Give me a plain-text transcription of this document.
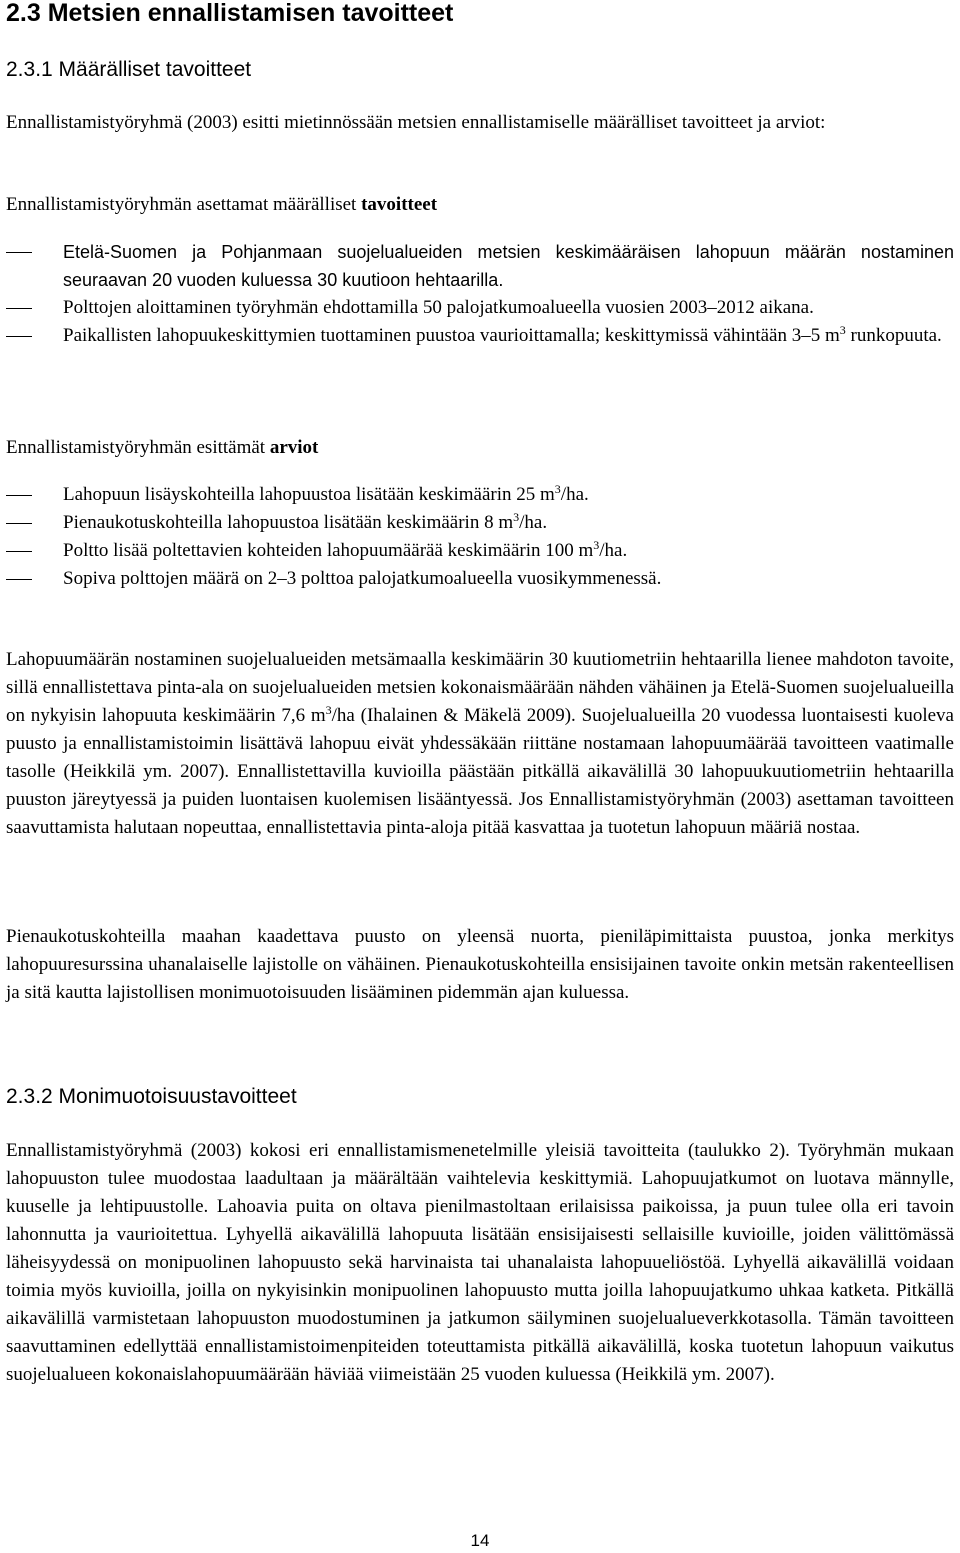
2.3 Metsien ennallistamisen tavoitteet
2.3.1 Määrälliset tavoitteet

Ennallistamistyöryhmä (2003) esitti mietinnössään metsien ennallistamiselle määrälliset tavoitteet ja arviot:

Ennallistamistyöryhmän asettamat määrälliset tavoitteet
Etelä-Suomen ja Pohjanmaan suojelualueiden metsien keskimääräisen lahopuun määrän nostaminen seuraavan 20 vuoden kuluessa 30 kuutioon hehtaarilla.
Polttojen aloittaminen työryhmän ehdottamilla 50 palojatkumoalueella vuosien 2003–2012 aikana.
Paikallisten lahopuukeskittymien tuottaminen puustoa vaurioittamalla; keskittymissä vähintään 3–5 $m^3$ runkopuuta.
Ennallistamistyöryhmän esittämät arviot
Lahopuun lisäyskohteilla lahopuustoa lisätään keskimäärin 25 $m^3/ha$.
Pienaukotuskohteilla lahopuustoa lisätään keskimäärin 8 $m^3/ha$.
Poltto lisää poltettavien kohteiden lahopuumäärää keskimäärin 100 $m^3/ha$.
Sopiva polttojen määrä on 2–3 polttoa palojatkumoalueella vuosikymmenessä.

Lahopuumäärän nostaminen suojelualueiden metsämaalla keskimäärin 30 kuutiometriin hehtaarilla lienee mahdoton tavoite, sillä ennallistettava pinta-ala on suojelualueiden metsien kokonaismäärään nähden vähäinen ja Etelä-Suomen suojelualueilla on nykyisin lahopuuta keskimäärin 7,6 $m^3/ha$ (Ihalainen & Mäkelä 2009). Suojelualueilla 20 vuodessa luontaisesti kuoleva puusto ja ennallistamistoimin lisättävä lahopuu eivät yhdessäkään riittäne nostamaan lahopuumäärää tavoitteen vaatimalle tasolle (Heikkilä ym. 2007). Ennallistettavilla kuvioilla päästään pitkällä aikavälillä 30 lahopuukuutiometriin hehtaarilla puuston järeytyessä ja puiden luontaisen kuolemisen lisääntyessä. Jos Ennallistamistyöryhmän (2003) asettaman tavoitteen saavuttamista halutaan nopeuttaa, ennallistettavia pinta-aloja pitää kasvattaa ja tuotetun lahopuun määriä nostaa.

Pienaukotuskohteilla maahan kaadettava puusto on yleensä nuorta, pieniläpimittaista puustoa, jonka merkitys lahopuuresurssina uhanalaiselle lajistolle on vähäinen. Pienaukotuskohteilla ensisijainen tavoite onkin metsän rakenteellisen ja sitä kautta lajistollisen monimuotoisuuden lisääminen pidemmän ajan kuluessa.

2.3.2 Monimuotoisuustavoitteet

Ennallistamistyöryhmä (2003) kokosi eri ennallistamismenetelmille yleisiä tavoitteita (taulukko 2). Työryhmän mukaan lahopuuston tulee muodostaa laadultaan ja määrältään vaihtelevia keskittymiä. Lahopuujatkumot on luotava männylle, kuuselle ja lehtipuustolle. Lahoavia puita on oltava pienilmastoltaan erilaisissa paikoissa, ja puun tulee olla eri tavoin lahonnutta ja vaurioitettua. Lyhyellä aikavälillä lahopuuta lisätään ensisijaisesti sellaisille kuvioille, joiden välittömässä läheisyydessä on monipuolinen lahopuusto sekä harvinaista tai uhanalaista lahopuueliöstöä. Lyhyellä aikavälillä voidaan toimia myös kuvioilla, joilla on nykyisinkin monipuolinen lahopuusto mutta joilla lahopuujatkumo uhkaa katketa. Pitkällä aikavälillä varmistetaan lahopuuston muodostuminen ja jatkumon säilyminen suojelualueverkkotasolla. Tämän tavoitteen saavuttaminen edellyttää ennallistamistoimenpiteiden toteuttamista pitkällä aikavälillä, koska tuotetun lahopuun vaikutus suojelualueen kokonaislahopuumäärään häviää viimeistään 25 vuoden kuluessa (Heikkilä ym. 2007).

14
